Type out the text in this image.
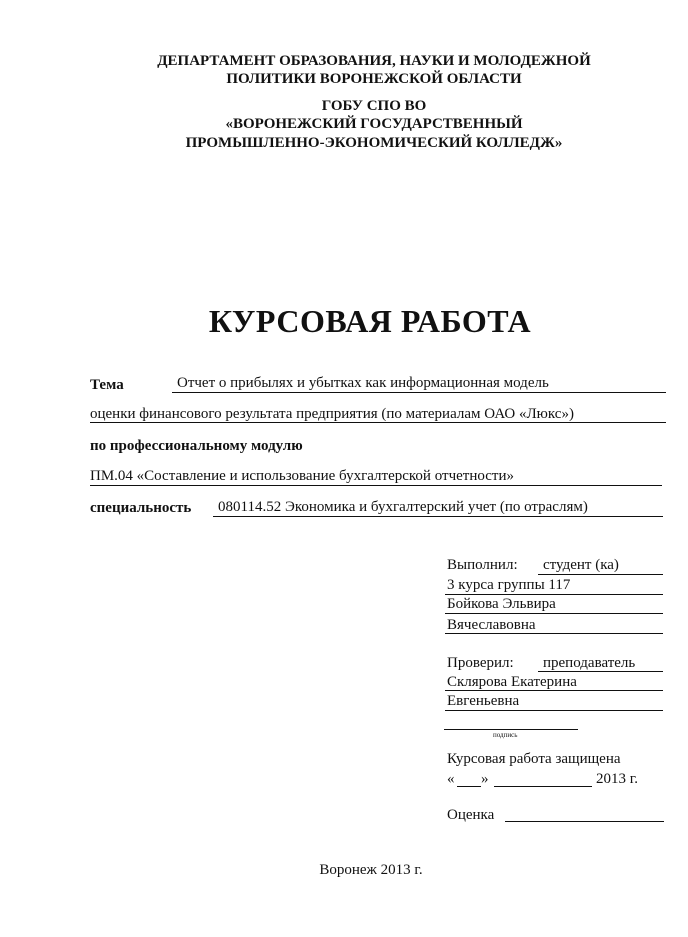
ДЕПАРТАМЕНТ ОБРАЗОВАНИЯ, НАУКИ И МОЛОДЕЖНОЙ
ПОЛИТИКИ ВОРОНЕЖСКОЙ ОБЛАСТИ
ГОБУ СПО ВО
«ВОРОНЕЖСКИЙ ГОСУДАРСТВЕННЫЙ
ПРОМЫШЛЕННО-ЭКОНОМИЧЕСКИЙ КОЛЛЕДЖ»
КУРСОВАЯ РАБОТА
Тема	Отчет о прибылях и убытках как информационная модель
оценки финансового результата предприятия (по материалам ОАО «Люкс»)
по профессиональному модулю
ПМ.04 «Составление и использование бухгалтерской отчетности»
специальность 080114.52 Экономика и бухгалтерский учет (по отраслям)
Выполнил: студент (ка)
3 курса группы 117
Бойкова Эльвира
Вячеславовна
Проверил: преподаватель
Склярова Екатерина
Евгеньевна
подпись
Курсовая работа защищена
« »	2013 г.
Оценка
Воронеж 2013 г.
